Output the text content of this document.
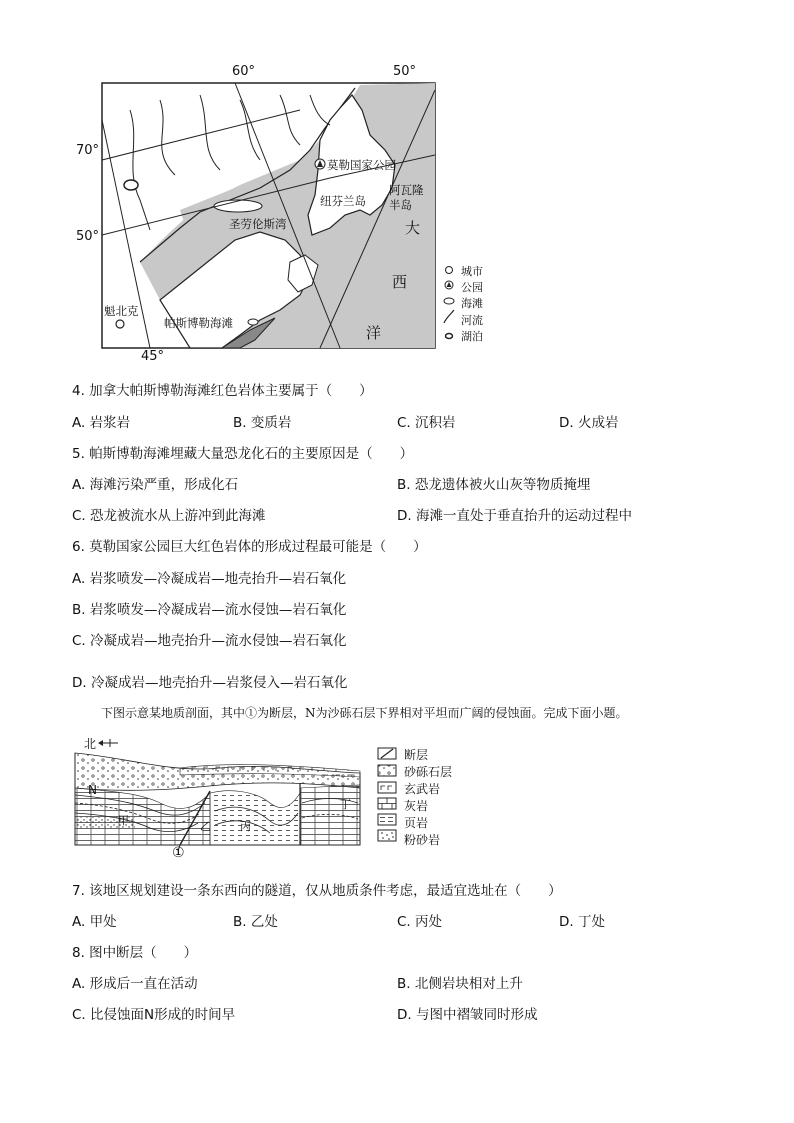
60°	50°
70°
50°
45°
莫勒国家公园
纽芬兰岛
阿瓦隆
半岛
圣劳伦斯湾
魁北克
帕斯博勒海滩
大
西
洋
城市
公园
海滩
河流
湖泊
4. 加拿大帕斯博勒海滩红色岩体主要属于（　　）
A. 岩浆岩	B. 变质岩	C. 沉积岩	D. 火成岩
5. 帕斯博勒海滩埋藏大量恐龙化石的主要原因是（　　）
A. 海滩污染严重，形成化石	B. 恐龙遗体被火山灰等物质掩埋
C. 恐龙被流水从上游冲到此海滩	D. 海滩一直处于垂直抬升的运动过程中
6. 莫勒国家公园巨大红色岩体的形成过程最可能是（　　）
A. 岩浆喷发—冷凝成岩—地壳抬升—岩石氧化
B. 岩浆喷发—冷凝成岩—流水侵蚀—岩石氧化
C. 冷凝成岩—地壳抬升—流水侵蚀—岩石氧化
D. 冷凝成岩—地壳抬升—岩浆侵入—岩石氧化
下图示意某地质剖面，其中①为断层，N为沙砾石层下界相对平坦而广阔的侵蚀面。完成下面小题。
北
N
甲	乙	丙
丁
①
断层
砂砾石层
玄武岩
灰岩
页岩
粉砂岩
7. 该地区规划建设一条东西向的隧道，仅从地质条件考虑，最适宜选址在（　　）
A. 甲处	B. 乙处	C. 丙处	D. 丁处
8. 图中断层（　　）
A. 形成后一直在活动	B. 北侧岩块相对上升
C. 比侵蚀面N形成的时间早	D. 与图中褶皱同时形成
